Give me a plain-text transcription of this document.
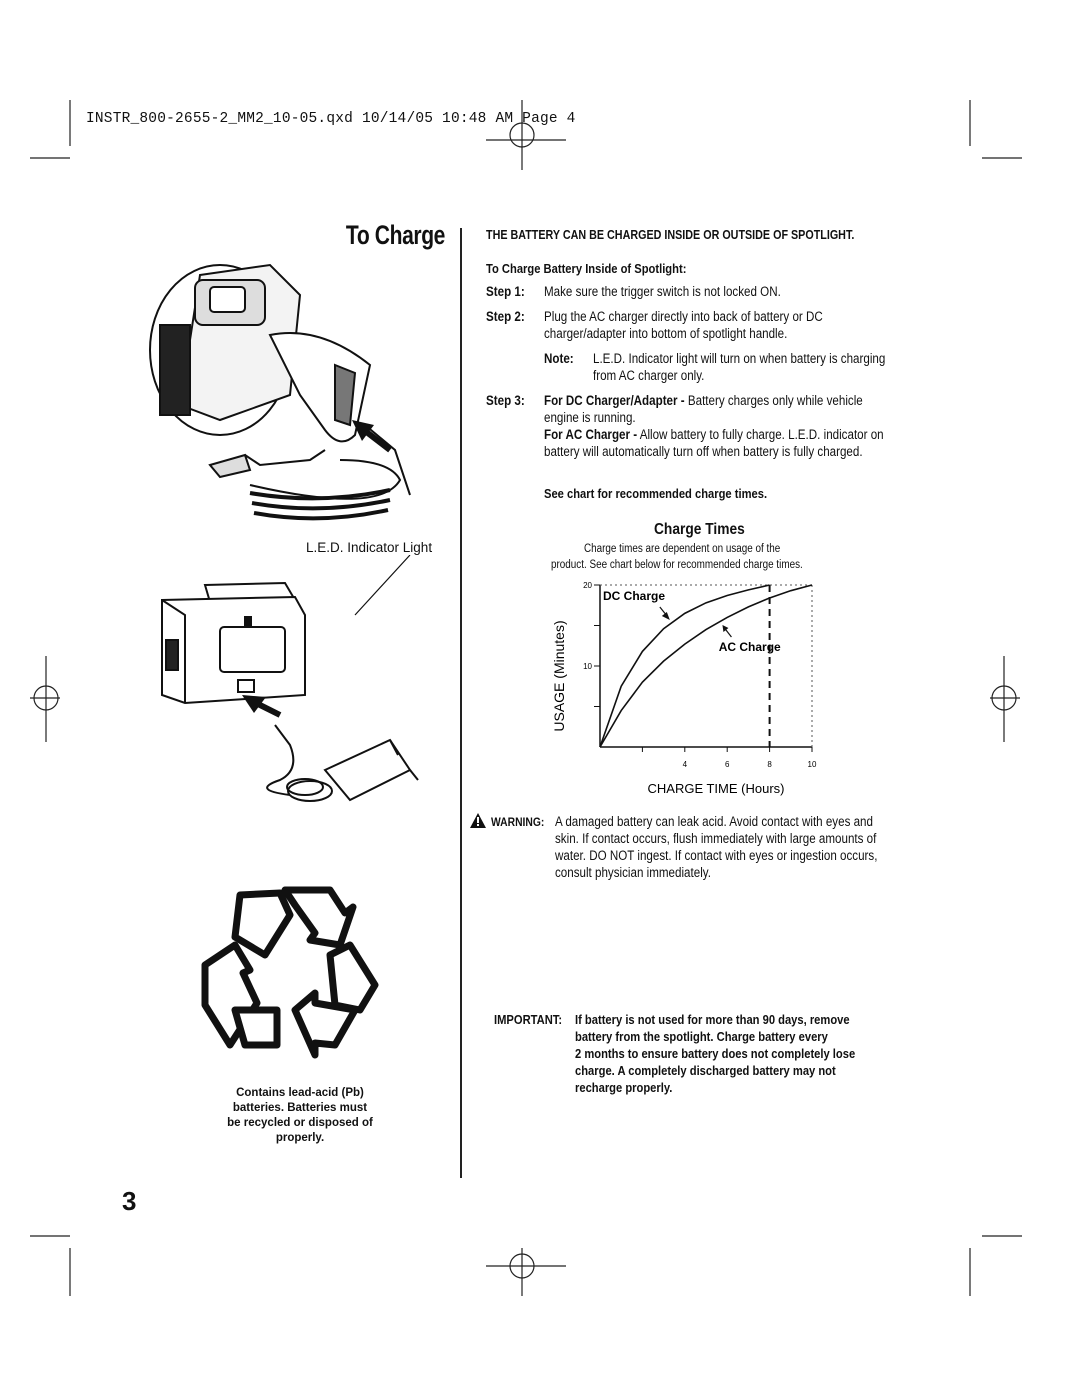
INSTR_800-2655-2_MM2_10-05.qxd 10/14/05 10:48 AM Page 4
To Charge
L.E.D. Indicator Light
THE BATTERY CAN BE CHARGED INSIDE OR OUTSIDE OF SPOTLIGHT.
To Charge Battery Inside of Spotlight:
Step 1: Make sure the trigger switch is not locked ON.
Step 2: Plug the AC charger directly into back of battery or DC
charger/adapter into bottom of spotlight handle.
Note: L.E.D. Indicator light will turn on when battery is charging
from AC charger only.
Step 3: For DC Charger/Adapter - Battery charges only while vehicle
engine is running.
For AC Charger - Allow battery to fully charge. L.E.D. indicator on
battery will automatically turn off when battery is fully charged.
See chart for recommended charge times.
Charge Times
Charge times are dependent on usage of the
product. See chart below for recommended charge times.
10
20
4	6	8	10
CHARGE TIME (Hours)
USAGE (Minutes)
DC Charge
AC Charge
WARNING: A damaged battery can leak acid. Avoid contact with eyes and
skin. If contact occurs, flush immediately with large amounts of
water. DO NOT ingest. If contact with eyes or ingestion occurs,
consult physician immediately.
IMPORTANT: If battery is not used for more than 90 days, remove
battery from the spotlight. Charge battery every
2 months to ensure battery does not completely lose
charge. A completely discharged battery may not
recharge properly.
Contains lead-acid (Pb)
batteries. Batteries must
be recycled or disposed of
properly.
3
